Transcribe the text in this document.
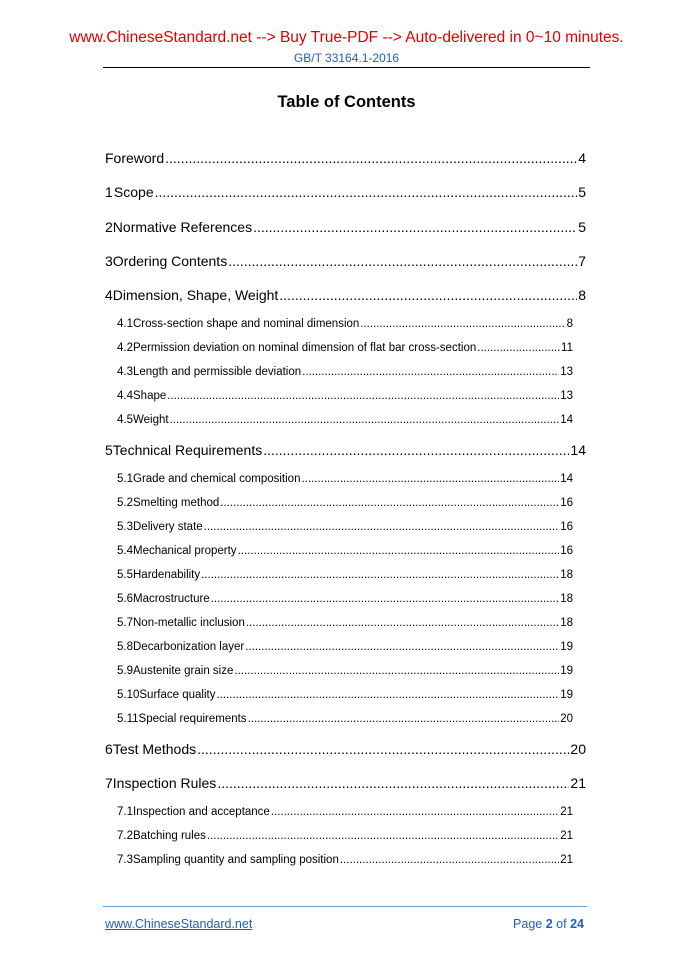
www.ChineseStandard.net --> Buy True-PDF --> Auto-delivered in 0~10 minutes.
GB/T 33164.1-2016
Table of Contents
Foreword .....	4
1 Scope .....	5
2 Normative References .....	5
3 Ordering Contents .....	7
4 Dimension, Shape, Weight .....	8
4.1 Cross-section shape and nominal dimension .....	8
4.2 Permission deviation on nominal dimension of flat bar cross-section .....	11
4.3 Length and permissible deviation .....	13
4.4 Shape .....	13
4.5 Weight .....	14
5 Technical Requirements .....	14
5.1 Grade and chemical composition .....	14
5.2 Smelting method .....	16
5.3 Delivery state .....	16
5.4 Mechanical property .....	16
5.5 Hardenability .....	18
5.6 Macrostructure .....	18
5.7 Non-metallic inclusion .....	18
5.8 Decarbonization layer .....	19
5.9 Austenite grain size .....	19
5.10 Surface quality .....	19
5.11 Special requirements .....	20
6 Test Methods .....	20
7 Inspection Rules .....	21
7.1 Inspection and acceptance .....	21
7.2 Batching rules .....	21
7.3 Sampling quantity and sampling position .....	21
www.ChineseStandard.net	Page 2 of 24
